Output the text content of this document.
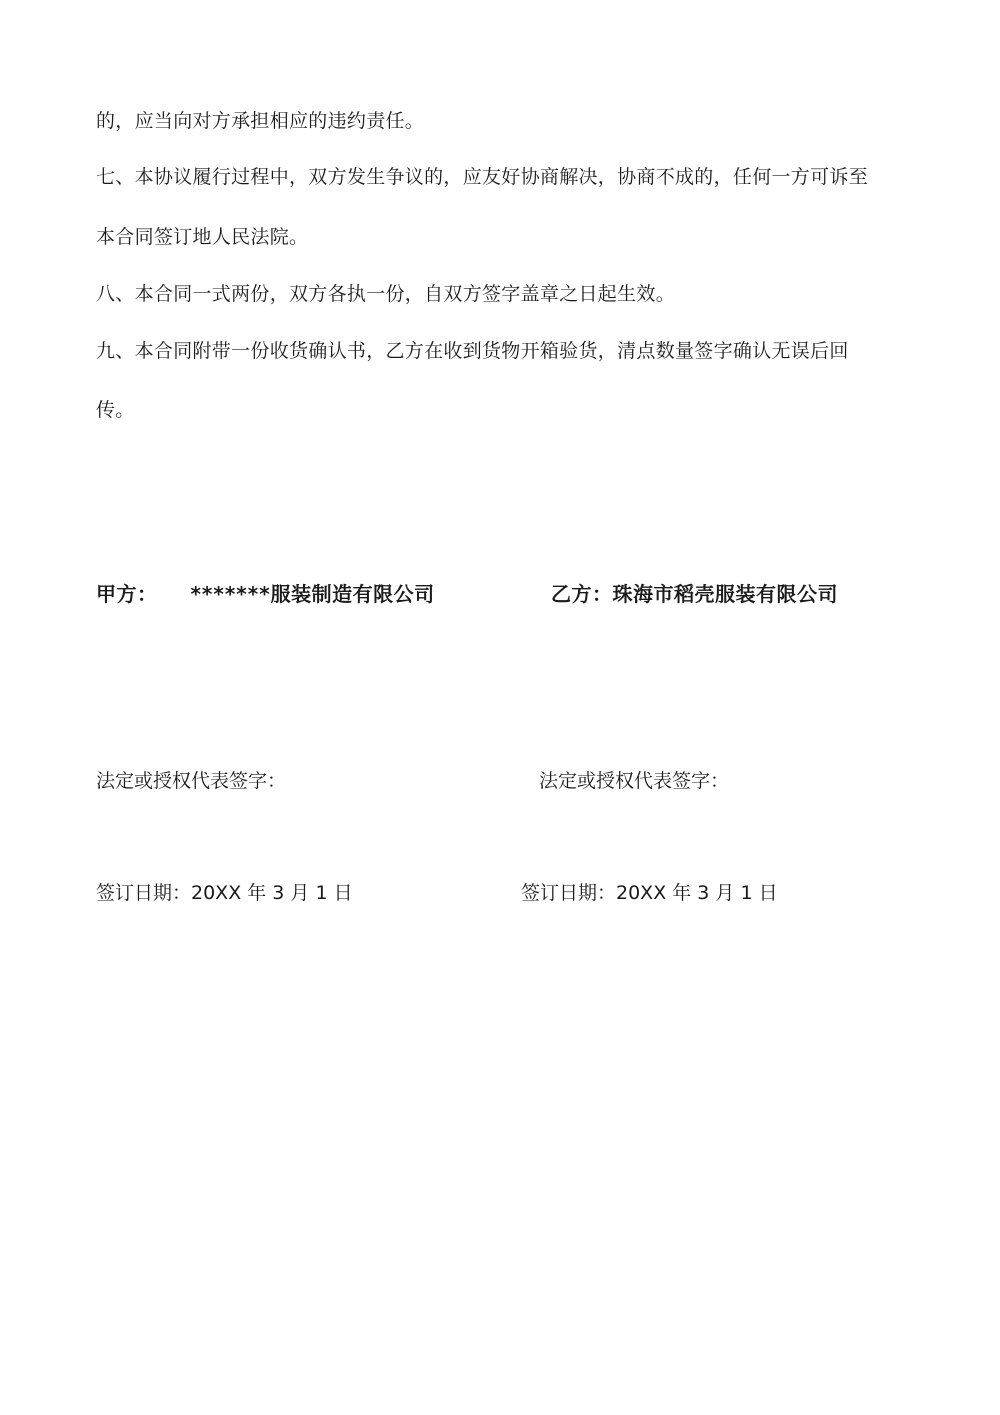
的，应当向对方承担相应的违约责任。
七、本协议履行过程中，双方发生争议的，应友好协商解决，协商不成的，任何一方可诉至
本合同签订地人民法院。
八、本合同一式两份，双方各执一份，自双方签字盖章之日起生效。
九、本合同附带一份收货确认书，乙方在收到货物开箱验货，清点数量签字确认无误后回
传。
甲方： *******服装制造有限公司	乙方：珠海市稻壳服装有限公司
法定或授权代表签字：	法定或授权代表签字：
签订日期：20XX 年 3 月 1 日	签订日期：20XX 年 3 月 1 日
